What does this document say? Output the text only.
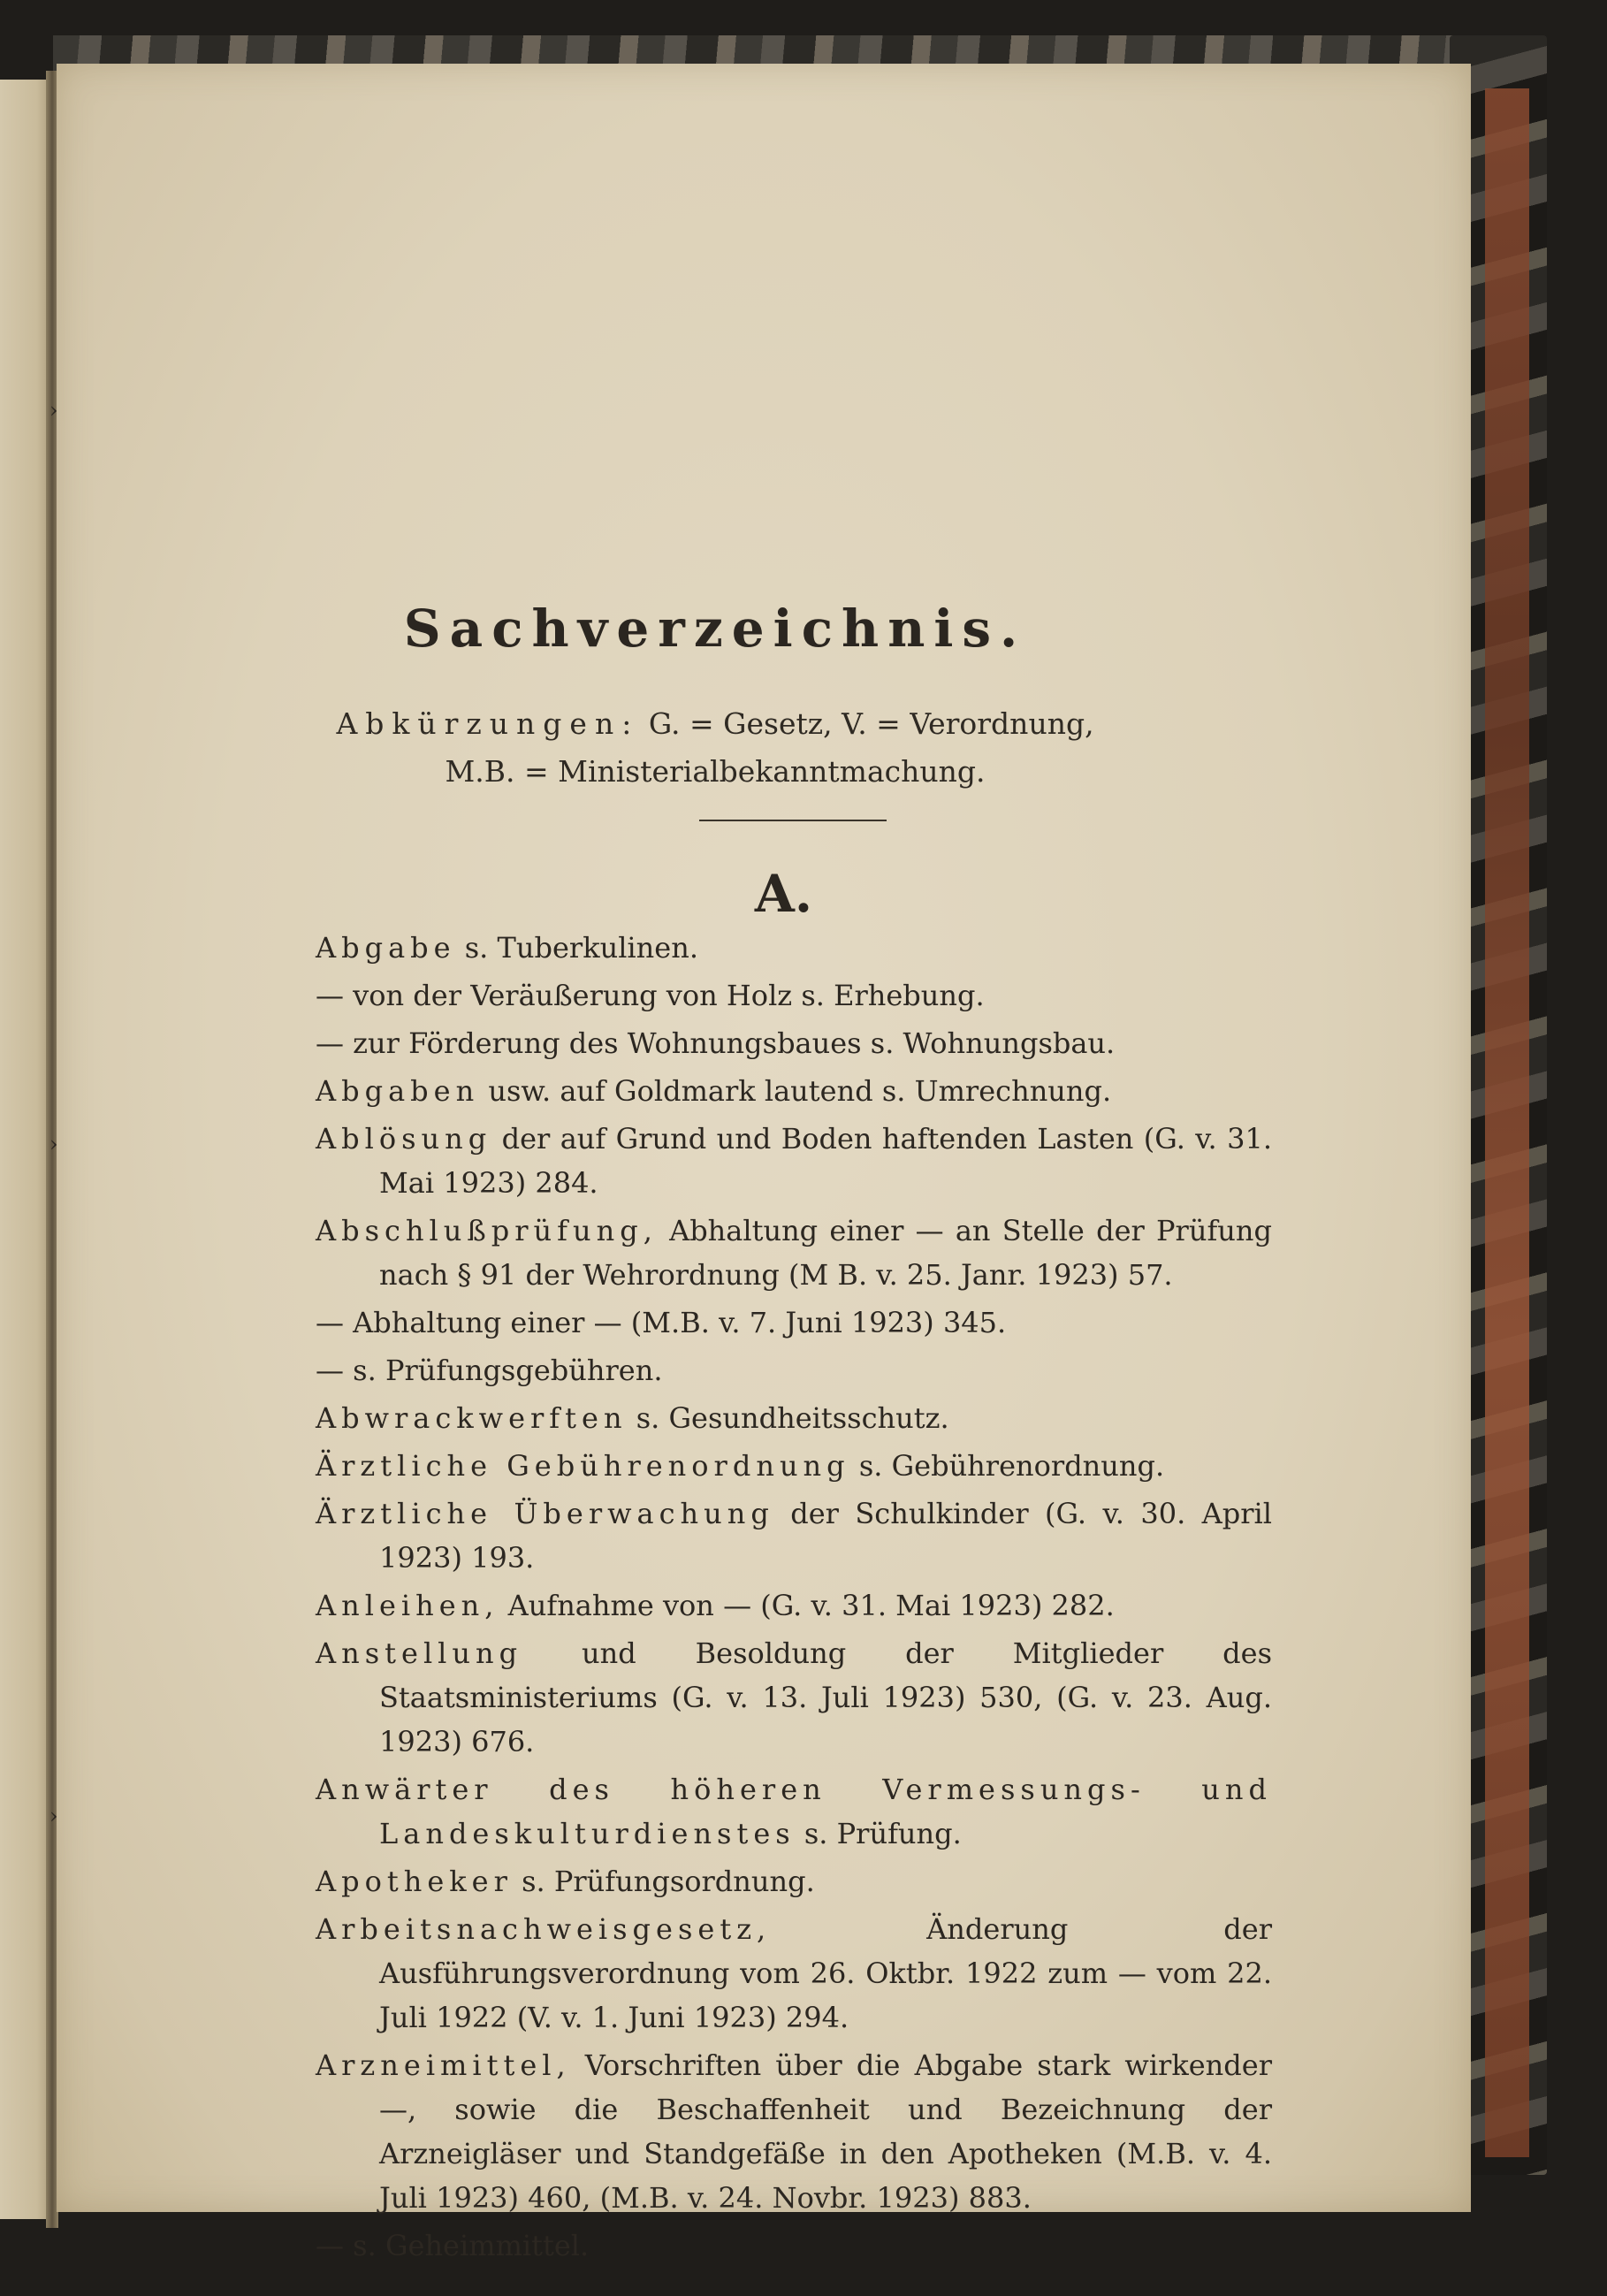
›
›
›
Sachverzeichnis.
Abkürzungen: G. = Gesetz, V. = Verordnung,
M.B. = Ministerialbekanntmachung.
A.
Abgabe s. Tuberkulinen.
— von der Veräußerung von Holz s. Erhebung.
— zur Förderung des Wohnungsbaues s. Wohnungsbau.
Abgaben usw. auf Goldmark lautend s. Umrechnung.
Ablösung der auf Grund und Boden haftenden Lasten (G. v. 31. Mai 1923) 284.
Abschlußprüfung, Abhaltung einer — an Stelle der Prüfung nach § 91 der Wehrordnung (M B. v. 25. Janr. 1923) 57.
— Abhaltung einer — (M.B. v. 7. Juni 1923) 345.
— s. Prüfungsgebühren.
Abwrackwerften s. Gesundheitsschutz.
Ärztliche Gebührenordnung s. Gebührenordnung.
Ärztliche Überwachung der Schulkinder (G. v. 30. April 1923) 193.
Anleihen, Aufnahme von — (G. v. 31. Mai 1923) 282.
Anstellung und Besoldung der Mitglieder des Staatsministeriums (G. v. 13. Juli 1923) 530, (G. v. 23. Aug. 1923) 676.
Anwärter des höheren Vermessungs- und Landeskulturdienstes s. Prüfung.
Apotheker s. Prüfungsordnung.
Arbeitsnachweisgesetz, Änderung der Ausführungsverordnung vom 26. Oktbr. 1922 zum — vom 22. Juli 1922 (V. v. 1. Juni 1923) 294.
Arzneimittel, Vorschriften über die Abgabe stark wirkender —, sowie die Beschaffenheit und Bezeichnung der Arzneigläser und Standgefäße in den Apotheken (M.B. v. 4. Juli 1923) 460, (M.B. v. 24. Novbr. 1923) 883.
— s. Geheimmittel.
